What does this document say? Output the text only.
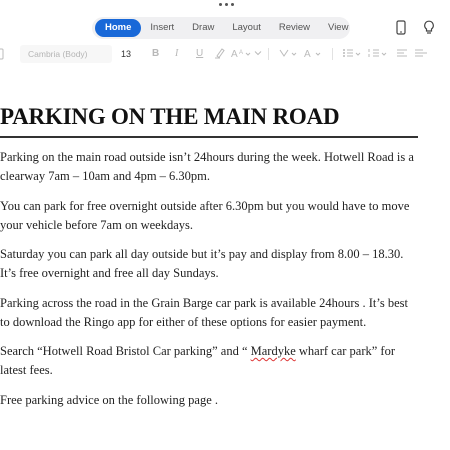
Home	Insert	Draw	Layout	Review	View
Cambria (Body)	13 B I U	A A	A
PARKING ON THE MAIN ROAD

Parking on the main road outside isn’t 24hours during the week. Hotwell Road is a clearway 7am – 10am and 4pm – 6.30pm.

You can park for free overnight outside after 6.30pm but you would have to move your vehicle before 7am on weekdays.

Saturday you can park all day outside but it’s pay and display from 8.00 – 18.30. It’s free overnight and free all day Sundays.

Parking across the road in the Grain Barge car park is available 24hours . It’s best to download the Ringo app for either of these options for easier payment.

Search “Hotwell Road Bristol Car parking” and “ Mardyke wharf car park” for latest fees.

Free parking advice on the following page .
